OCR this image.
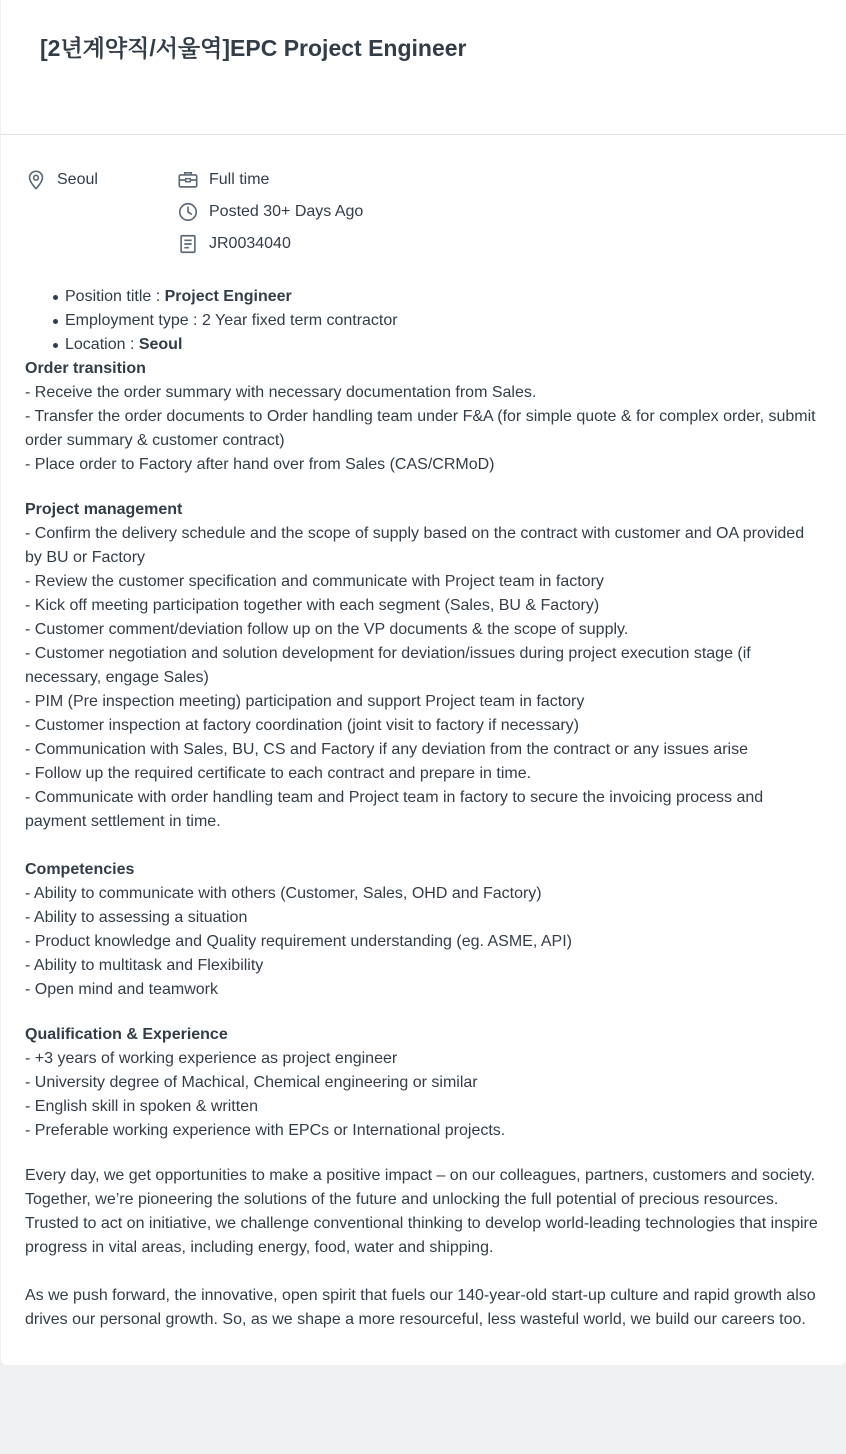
[2년계약직/서울역]EPC Project Engineer
Seoul	Full time
Posted 30+ Days Ago
JR0034040
Position title : Project Engineer
Employment type : 2 Year fixed term contractor
Location : Seoul

Order transition

- Receive the order summary with necessary documentation from Sales.

- Transfer the order documents to Order handling team under F&A (for simple quote & for complex order, submit order summary & customer contract)

- Place order to Factory after hand over from Sales (CAS/CRMoD)

Project management

- Confirm the delivery schedule and the scope of supply based on the contract with customer and OA provided by BU or Factory

- Review the customer specification and communicate with Project team in factory

- Kick off meeting participation together with each segment (Sales, BU & Factory)

- Customer comment/deviation follow up on the VP documents & the scope of supply.

- Customer negotiation and solution development for deviation/issues during project execution stage (if necessary, engage Sales)

- PIM (Pre inspection meeting) participation and support Project team in factory

- Customer inspection at factory coordination (joint visit to factory if necessary)

- Communication with Sales, BU, CS and Factory if any deviation from the contract or any issues arise

- Follow up the required certificate to each contract and prepare in time.

- Communicate with order handling team and Project team in factory to secure the invoicing process and payment settlement in time.

Competencies

- Ability to communicate with others (Customer, Sales, OHD and Factory)

- Ability to assessing a situation

- Product knowledge and Quality requirement understanding (eg. ASME, API)

- Ability to multitask and Flexibility

- Open mind and teamwork

Qualification & Experience

- +3 years of working experience as project engineer

- University degree of Machical, Chemical engineering or similar

- English skill in spoken & written

- Preferable working experience with EPCs or International projects.

Every day, we get opportunities to make a positive impact – on our colleagues, partners, customers and society. Together, we’re pioneering the solutions of the future and unlocking the full potential of precious resources. Trusted to act on initiative, we challenge conventional thinking to develop world-leading technologies that inspire progress in vital areas, including energy, food, water and shipping.

As we push forward, the innovative, open spirit that fuels our 140-year-old start-up culture and rapid growth also drives our personal growth. So, as we shape a more resourceful, less wasteful world, we build our careers too.
